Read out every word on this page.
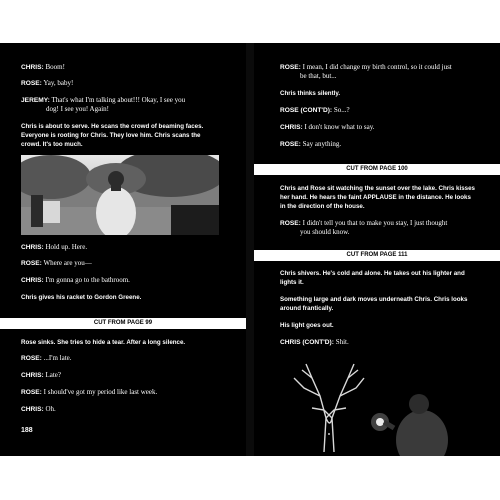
CHRIS: Boom!
ROSE: Yay, baby!
JEREMY: That's what I'm talking about!!! Okay, I see you
dog! I see you! Again!
Chris is about to serve. He scans the crowd of beaming faces.
Everyone is rooting for Chris. They love him. Chris scans the
crowd. It's too much.
CHRIS: Hold up. Here.
ROSE: Where are you—
CHRIS: I'm gonna go to the bathroom.
Chris gives his racket to Gordon Greene.
CUT FROM PAGE 99
Rose sinks. She tries to hide a tear. After a long silence.
ROSE: ...I'm late.
CHRIS: Late?
ROSE: I should've got my period like last week.
CHRIS: Oh.
188
ROSE: I mean, I did change my birth control, so it could just
be that, but...
Chris thinks silently.
ROSE (CONT'D): So...?
CHRIS: I don't know what to say.
ROSE: Say anything.
CUT FROM PAGE 100
Chris and Rose sit watching the sunset over the lake. Chris kisses
her hand. He hears the faint APPLAUSE in the distance. He looks
in the direction of the house.
ROSE: I didn't tell you that to make you stay, I just thought
you should know.
CUT FROM PAGE 111
Chris shivers. He's cold and alone. He takes out his lighter and
lights it.
Something large and dark moves underneath Chris. Chris looks
around frantically.
His light goes out.
CHRIS (CONT'D): Shit.
